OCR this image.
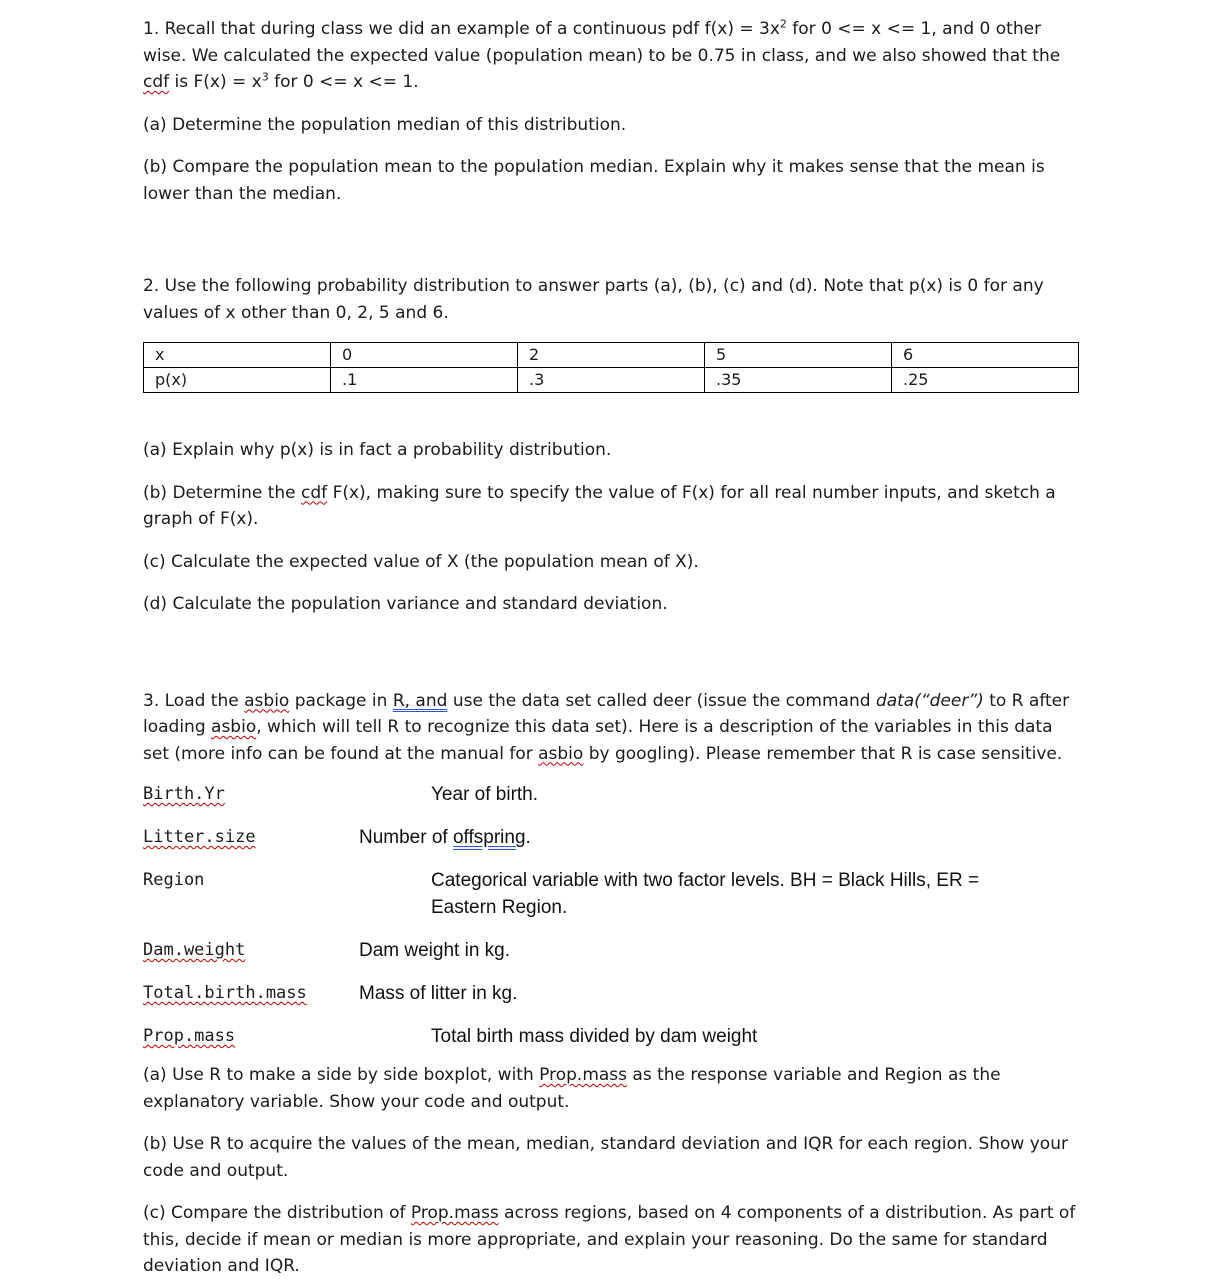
1. Recall that during class we did an example of a continuous pdf $f(x) = 3x^2$ for 0 <= x <= 1, and 0 other wise. We calculated the expected value (population mean) to be 0.75 in class, and we also showed that the cdf is $F(x) = x^3$ for 0 <= x <= 1.

(a) Determine the population median of this distribution.

(b) Compare the population mean to the population median. Explain why it makes sense that the mean is lower than the median.

2. Use the following probability distribution to answer parts (a), (b), (c) and (d). Note that p(x) is 0 for any values of x other than 0, 2, 5 and 6.

x	0	2	5	6
p(x)	.1	.3	.35	.25

(a) Explain why p(x) is in fact a probability distribution.

(b) Determine the cdf F(x), making sure to specify the value of F(x) for all real number inputs, and sketch a graph of F(x).

(c) Calculate the expected value of X (the population mean of X).

(d) Calculate the population variance and standard deviation.

3. Load the asbio package in R, and use the data set called deer (issue the command data(“deer”) to R after loading asbio, which will tell R to recognize this data set). Here is a description of the variables in this data set (more info can be found at the manual for asbio by googling). Please remember that R is case sensitive.

Birth.Yr	Year of birth.
Litter.size	Number of offspring.
Region	Categorical variable with two factor levels. BH = Black Hills, ER = Eastern Region.
Dam.weight	Dam weight in kg.
Total.birth.mass	Mass of litter in kg.
Prop.mass	Total birth mass divided by dam weight

(a) Use R to make a side by side boxplot, with Prop.mass as the response variable and Region as the explanatory variable. Show your code and output.

(b) Use R to acquire the values of the mean, median, standard deviation and IQR for each region. Show your code and output.

(c) Compare the distribution of Prop.mass across regions, based on 4 components of a distribution. As part of this, decide if mean or median is more appropriate, and explain your reasoning. Do the same for standard deviation and IQR.
